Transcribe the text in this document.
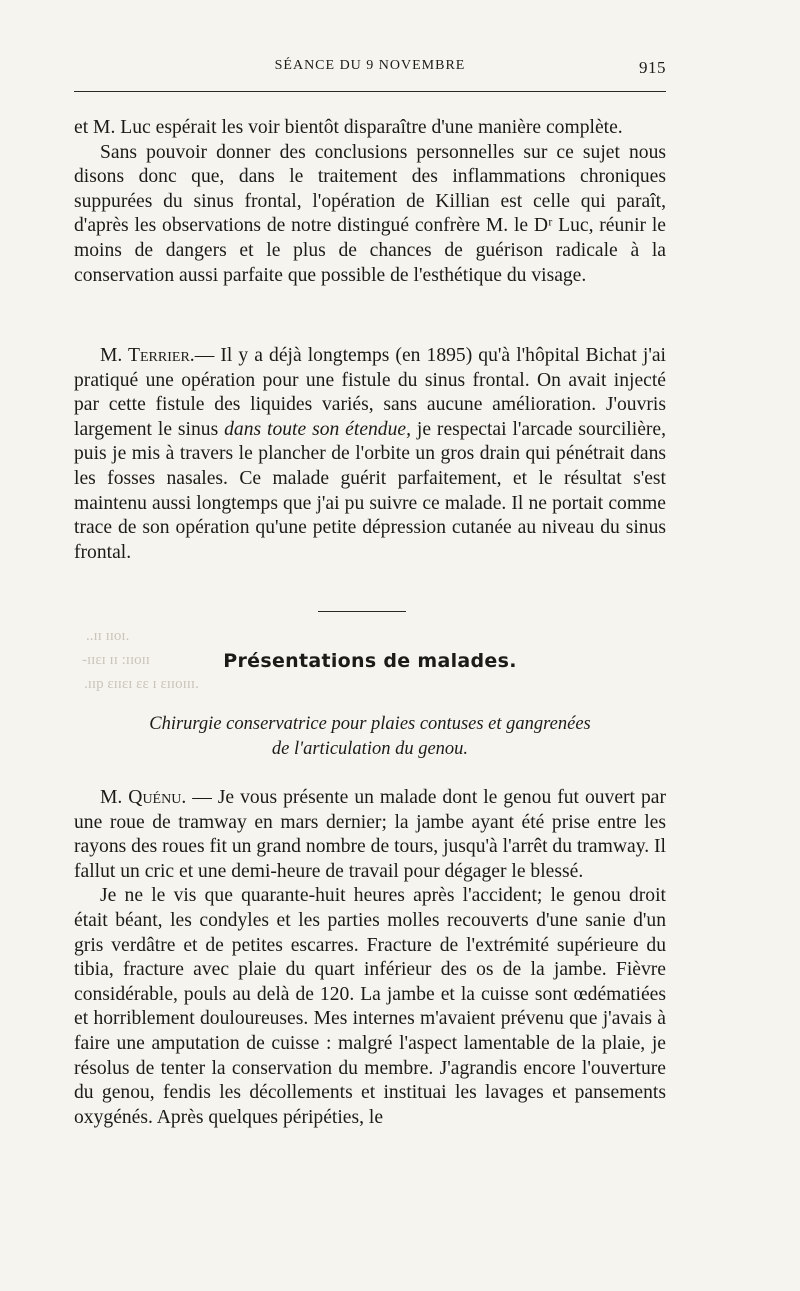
SÉANCE DU 9 NOVEMBRE	915

et M. Luc espérait les voir bientôt disparaître d'une manière complète.

Sans pouvoir donner des conclusions personnelles sur ce sujet nous disons donc que, dans le traitement des inflammations chroniques suppurées du sinus frontal, l'opération de Killian est celle qui paraît, d'après les observations de notre distingué confrère M. le Dʳ Luc, réunir le moins de dangers et le plus de chances de guérison radicale à la conservation aussi parfaite que possible de l'esthétique du visage.

M. Terrier.— Il y a déjà longtemps (en 1895) qu'à l'hôpital Bichat j'ai pratiqué une opération pour une fistule du sinus frontal. On avait injecté par cette fistule des liquides variés, sans aucune amélioration. J'ouvris largement le sinus dans toute son étendue, je respectai l'arcade sourcilière, puis je mis à travers le plancher de l'orbite un gros drain qui pénétrait dans les fosses nasales. Ce malade guérit parfaitement, et le résultat s'est maintenu aussi longtemps que j'ai pu suivre ce malade. Il ne portait comme trace de son opération qu'une petite dépression cutanée au niveau du sinus frontal.

..ɪɪ ɪɪoɪ.
-ɪɪɛɪ ɪɪ :ɪɪoɪɪ
.ɪɪp ɛɪɪɛɪ ɛɛ ɪ ɛɪɪoɪɪɪ.
Présentations de malades.
Chirurgie conservatrice pour plaies contuses et gangrenées
de l'articulation du genou.

M. Quénu. — Je vous présente un malade dont le genou fut ouvert par une roue de tramway en mars dernier; la jambe ayant été prise entre les rayons des roues fit un grand nombre de tours, jusqu'à l'arrêt du tramway. Il fallut un cric et une demi-heure de travail pour dégager le blessé.

Je ne le vis que quarante-huit heures après l'accident; le genou droit était béant, les condyles et les parties molles recouverts d'une sanie d'un gris verdâtre et de petites escarres. Fracture de l'extrémité supérieure du tibia, fracture avec plaie du quart inférieur des os de la jambe. Fièvre considérable, pouls au delà de 120. La jambe et la cuisse sont œdématiées et horriblement douloureuses. Mes internes m'avaient prévenu que j'avais à faire une amputation de cuisse : malgré l'aspect lamentable de la plaie, je résolus de tenter la conservation du membre. J'agrandis encore l'ouverture du genou, fendis les décollements et instituai les lavages et pansements oxygénés. Après quelques péripéties, le
